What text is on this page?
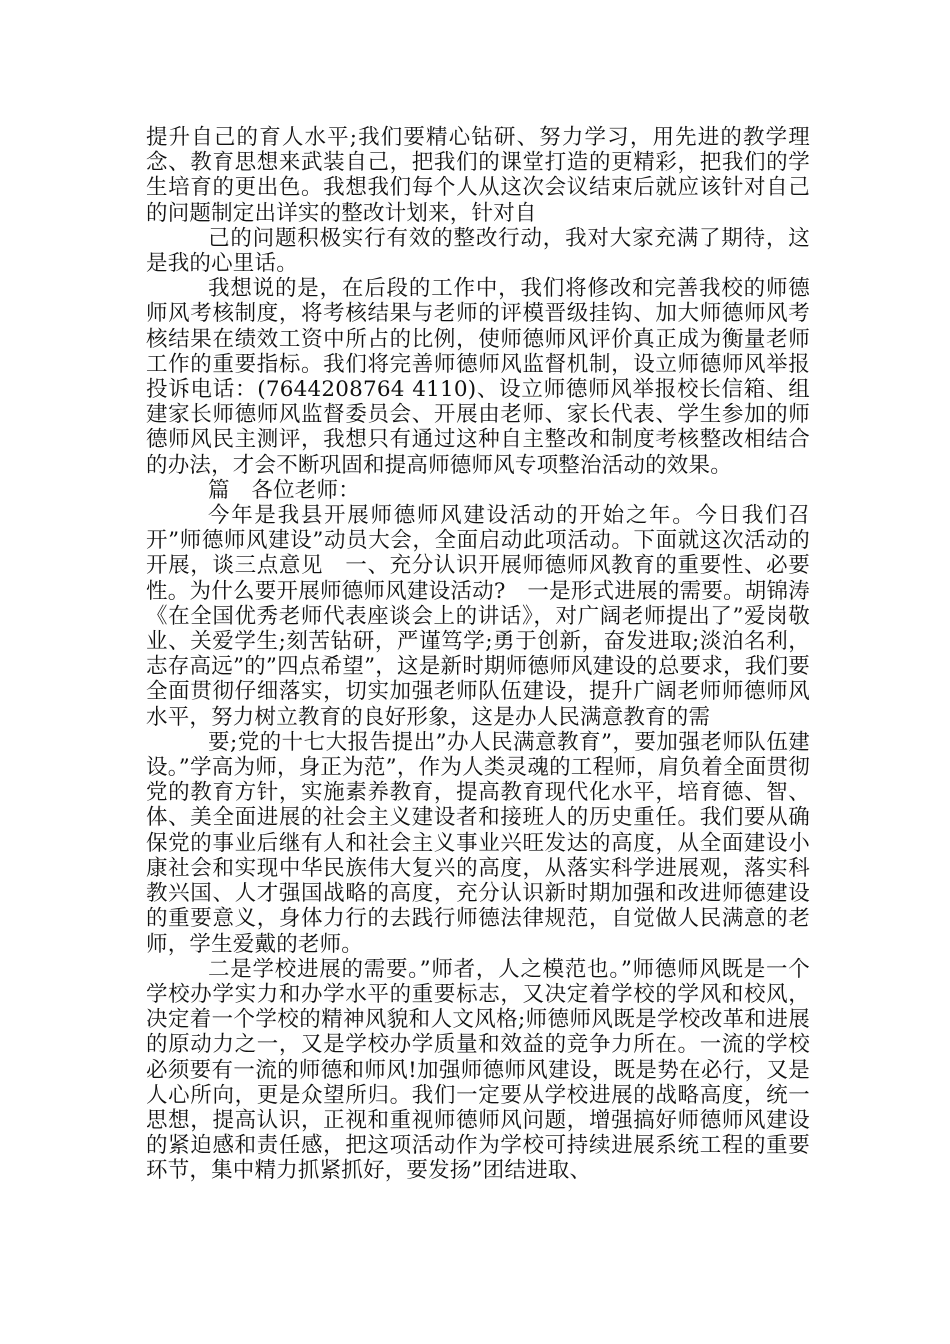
提升自己的育人水平;我们要精心钻研、努力学习，用先进的教学理念、教育思想来武装自己，把我们的课堂打造的更精彩，把我们的学生培育的更出色。我想我们每个人从这次会议结束后就应该针对自己的问题制定出详实的整改计划来，针对自

己的问题积极实行有效的整改行动，我对大家充满了期待，这是我的心里话。

我想说的是，在后段的工作中，我们将修改和完善我校的师德师风考核制度，将考核结果与老师的评模晋级挂钩、加大师德师风考核结果在绩效工资中所占的比例，使师德师风评价真正成为衡量老师工作的重要指标。我们将完善师德师风监督机制，设立师德师风举报投诉电话：(7644208764 4110)、设立师德师风举报校长信箱、组建家长师德师风监督委员会、开展由老师、家长代表、学生参加的师德师风民主测评，我想只有通过这种自主整改和制度考核整改相结合的办法，才会不断巩固和提高师德师风专项整治活动的效果。

篇　各位老师：

今年是我县开展师德师风建设活动的开始之年。今日我们召开”师德师风建设”动员大会，全面启动此项活动。下面就这次活动的开展，谈三点意见　一、充分认识开展师德师风教育的重要性、必要性。为什么要开展师德师风建设活动?　一是形式进展的需要。胡锦涛《在全国优秀老师代表座谈会上的讲话》，对广阔老师提出了”爱岗敬业、关爱学生;刻苦钻研，严谨笃学;勇于创新，奋发进取;淡泊名利，志存高远”的”四点希望”，这是新时期师德师风建设的总要求，我们要全面贯彻仔细落实，切实加强老师队伍建设，提升广阔老师师德师风水平，努力树立教育的良好形象，这是办人民满意教育的需

要;党的十七大报告提出”办人民满意教育”，要加强老师队伍建设。”学高为师，身正为范”，作为人类灵魂的工程师，肩负着全面贯彻党的教育方针，实施素养教育，提高教育现代化水平，培育德、智、体、美全面进展的社会主义建设者和接班人的历史重任。我们要从确保党的事业后继有人和社会主义事业兴旺发达的高度，从全面建设小康社会和实现中华民族伟大复兴的高度，从落实科学进展观，落实科教兴国、人才强国战略的高度，充分认识新时期加强和改进师德建设的重要意义，身体力行的去践行师德法律规范，自觉做人民满意的老师，学生爱戴的老师。

二是学校进展的需要。”师者，人之模范也。”师德师风既是一个学校办学实力和办学水平的重要标志，又决定着学校的学风和校风，决定着一个学校的精神风貌和人文风格;师德师风既是学校改革和进展的原动力之一，又是学校办学质量和效益的竞争力所在。一流的学校必须要有一流的师德和师风!加强师德师风建设，既是势在必行，又是人心所向，更是众望所归。我们一定要从学校进展的战略高度，统一思想，提高认识，正视和重视师德师风问题，增强搞好师德师风建设的紧迫感和责任感，把这项活动作为学校可持续进展系统工程的重要环节，集中精力抓紧抓好，要发扬”团结进取、
